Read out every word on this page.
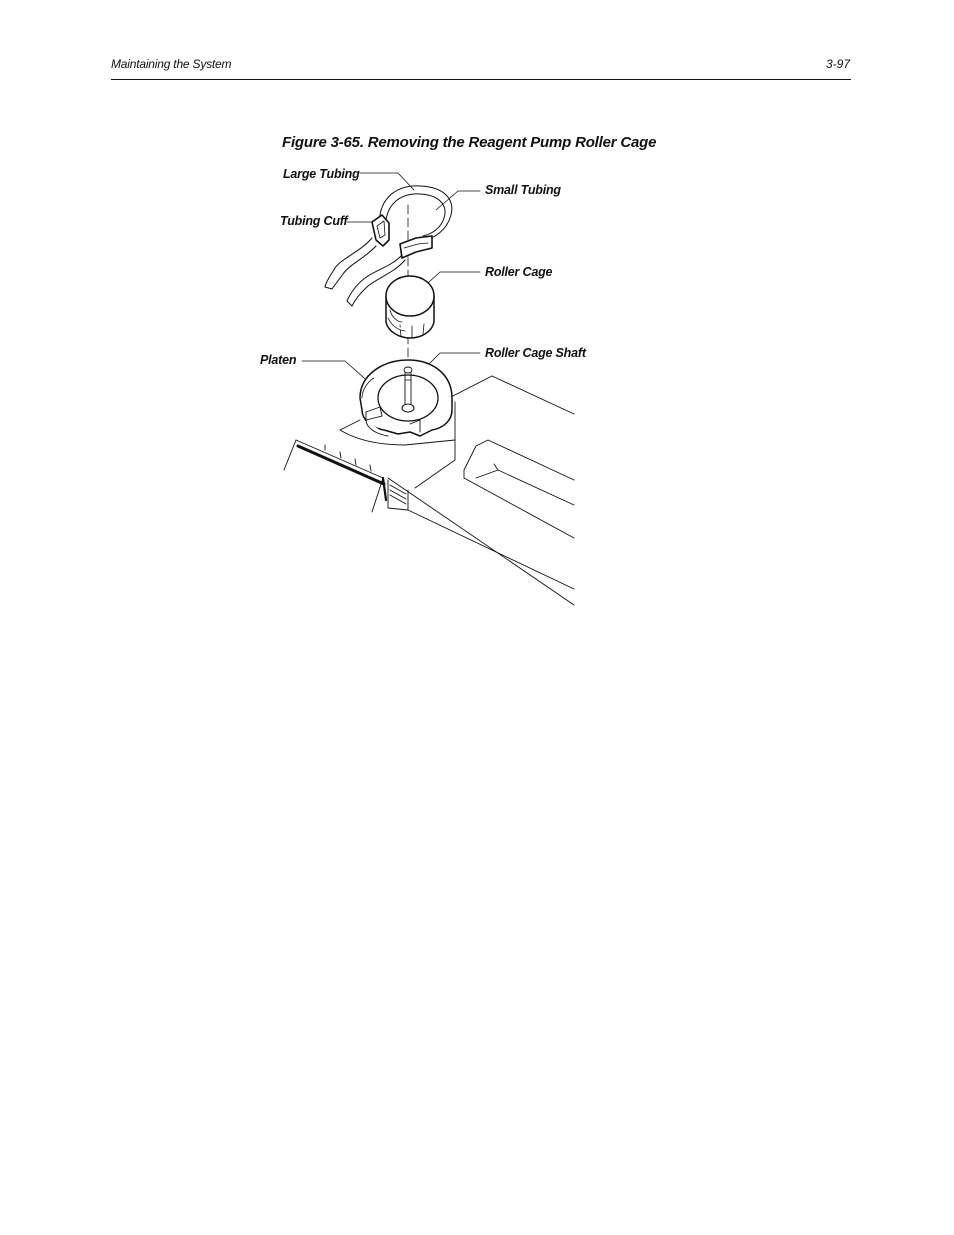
Maintaining the System	3-97
Figure 3-65. Removing the Reagent Pump Roller Cage
Large Tubing
Small Tubing
Tubing Cuff
Roller Cage
Platen	Roller Cage Shaft
